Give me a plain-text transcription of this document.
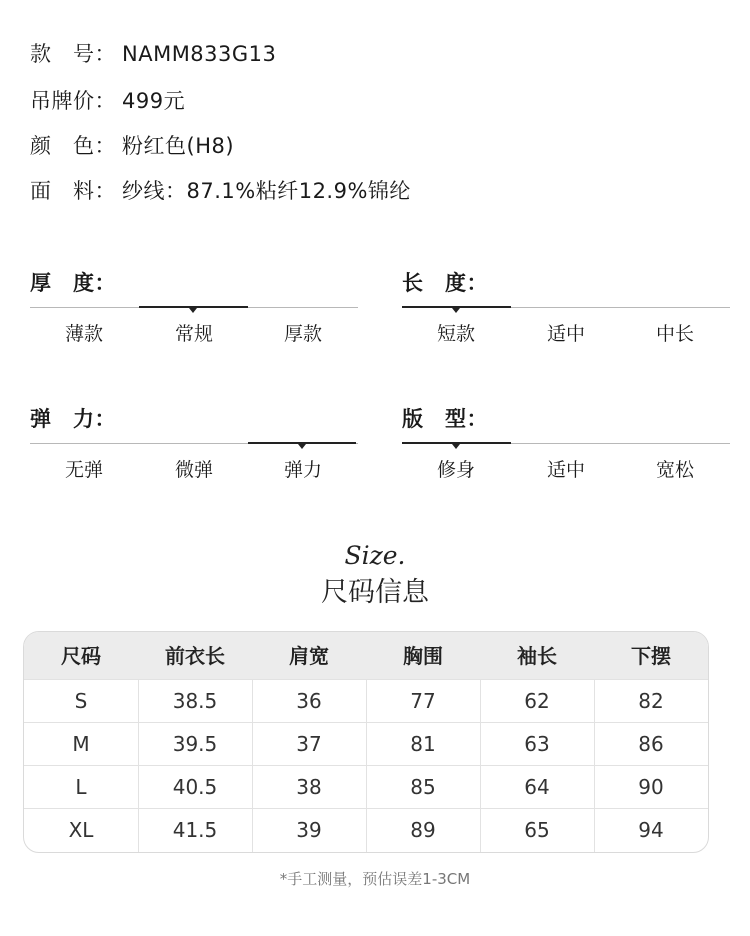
款　号： NAMM833G13
吊牌价： 499元
颜　色： 粉红色(H8)
面　料： 纱线：87.1%粘纤12.9%锦纶
厚　度：
薄款	常规	厚款
长　度：
短款	适中	中长
弹　力：
无弹	微弹	弹力
版　型：
修身	适中	宽松
Size.
尺码信息
尺码	前衣长	肩宽	胸围	袖长	下摆
S	38.5	36	77	62	82
M	39.5	37	81	63	86
L	40.5	38	85	64	90
XL	41.5	39	89	65	94
*手工测量，预估误差1-3CM
